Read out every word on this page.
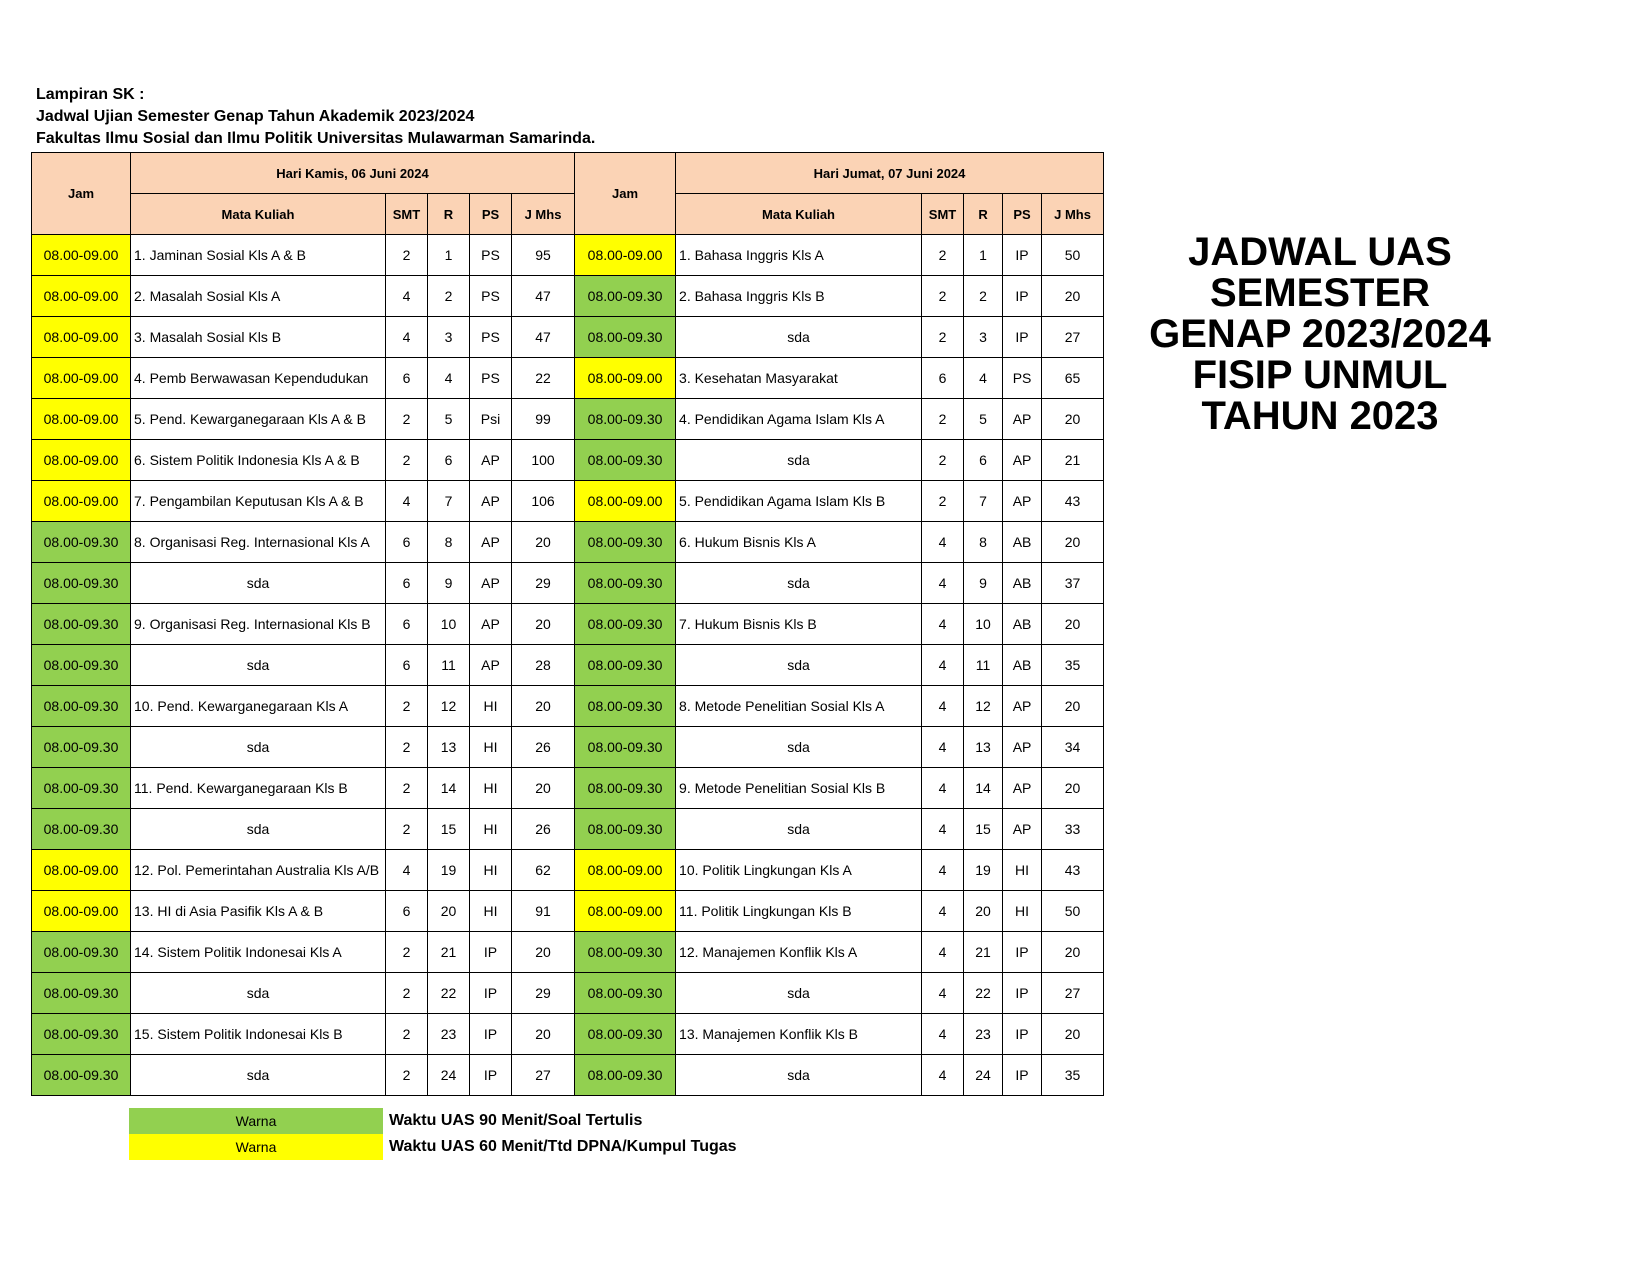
Lampiran SK :
Jadwal Ujian Semester Genap Tahun Akademik 2023/2024
Fakultas Ilmu Sosial dan Ilmu Politik Universitas Mulawarman Samarinda.
Jam	Hari Kamis, 06 Juni 2024					Jam	Hari Jumat, 07 Juni 2024				
	Mata Kuliah	SMT	R	PS	J Mhs		Mata Kuliah	SMT	R	PS	J Mhs
08.00-09.00	1. Jaminan Sosial Kls A & B	2	1	PS	95	08.00-09.00	1. Bahasa Inggris Kls A	2	1	IP	50
08.00-09.00	2. Masalah Sosial Kls A	4	2	PS	47	08.00-09.30	2. Bahasa Inggris Kls B	2	2	IP	20
08.00-09.00	3. Masalah Sosial Kls B	4	3	PS	47	08.00-09.30	sda	2	3	IP	27
08.00-09.00	4. Pemb Berwawasan Kependudukan	6	4	PS	22	08.00-09.00	3. Kesehatan Masyarakat	6	4	PS	65
08.00-09.00	5. Pend. Kewarganegaraan Kls A & B	2	5	Psi	99	08.00-09.30	4. Pendidikan Agama Islam Kls A	2	5	AP	20
08.00-09.00	6. Sistem Politik Indonesia Kls A & B	2	6	AP	100	08.00-09.30	sda	2	6	AP	21
08.00-09.00	7. Pengambilan Keputusan Kls A & B	4	7	AP	106	08.00-09.00	5. Pendidikan Agama Islam Kls B	2	7	AP	43
08.00-09.30	8. Organisasi Reg. Internasional Kls A	6	8	AP	20	08.00-09.30	6. Hukum Bisnis Kls A	4	8	AB	20
08.00-09.30	sda	6	9	AP	29	08.00-09.30	sda	4	9	AB	37
08.00-09.30	9. Organisasi Reg. Internasional Kls B	6	10	AP	20	08.00-09.30	7. Hukum Bisnis Kls B	4	10	AB	20
08.00-09.30	sda	6	11	AP	28	08.00-09.30	sda	4	11	AB	35
08.00-09.30	10. Pend. Kewarganegaraan Kls A	2	12	HI	20	08.00-09.30	8. Metode Penelitian Sosial Kls A	4	12	AP	20
08.00-09.30	sda	2	13	HI	26	08.00-09.30	sda	4	13	AP	34
08.00-09.30	11. Pend. Kewarganegaraan Kls B	2	14	HI	20	08.00-09.30	9. Metode Penelitian Sosial Kls B	4	14	AP	20
08.00-09.30	sda	2	15	HI	26	08.00-09.30	sda	4	15	AP	33
08.00-09.00	12. Pol. Pemerintahan Australia Kls A/B	4	19	HI	62	08.00-09.00	10. Politik Lingkungan Kls A	4	19	HI	43
08.00-09.00	13. HI di Asia Pasifik Kls A & B	6	20	HI	91	08.00-09.00	11. Politik Lingkungan Kls B	4	20	HI	50
08.00-09.30	14. Sistem Politik Indonesai Kls A	2	21	IP	20	08.00-09.30	12. Manajemen Konflik Kls A	4	21	IP	20
08.00-09.30	sda	2	22	IP	29	08.00-09.30	sda	4	22	IP	27
08.00-09.30	15. Sistem Politik Indonesai Kls B	2	23	IP	20	08.00-09.30	13. Manajemen Konflik Kls B	4	23	IP	20
08.00-09.30	sda	2	24	IP	27	08.00-09.30	sda	4	24	IP	35
JADWAL UAS
SEMESTER
GENAP 2023/2024
FISIP UNMUL
TAHUN 2023
Warna	Waktu UAS 90 Menit/Soal Tertulis
Warna	Waktu UAS 60 Menit/Ttd DPNA/Kumpul Tugas
